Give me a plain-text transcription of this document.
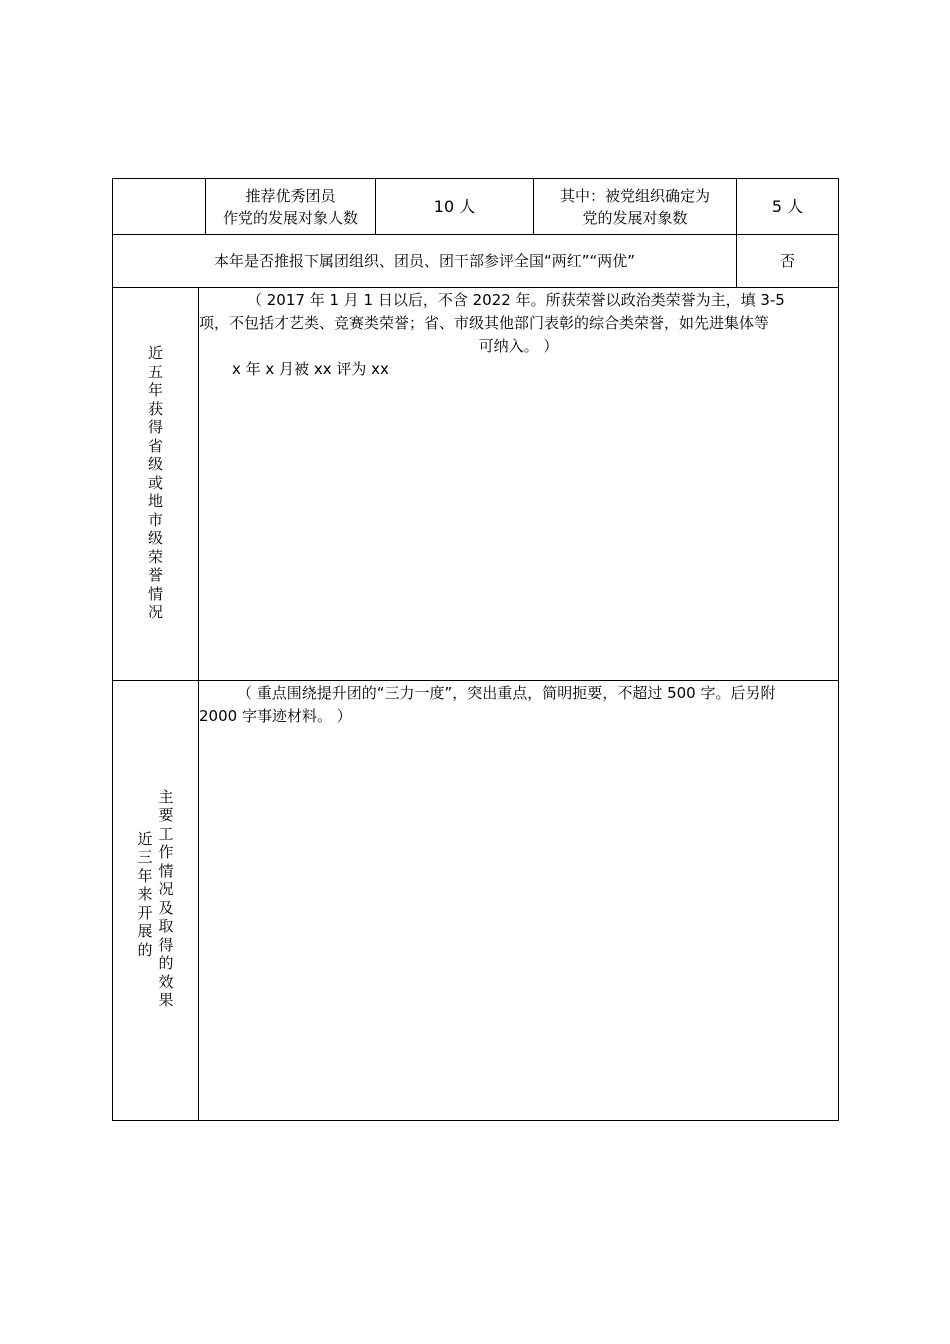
推荐优秀团员
作党的发展对象人数
10 人
其中：被党组织确定为
党的发展对象数
5 人
本年是否推报下属团组织、团员、团干部参评全国“两红”“两优”	否
近
五
年
获
得
省
级
或
地
市
级
荣
誉
情
况
（ 2017 年 1 月 1 日以后，不含 2022 年。所获荣誉以政治类荣誉为主，填 3-5
项，不包括才艺类、竞赛类荣誉；省、市级其他部门表彰的综合类荣誉，如先进集体等
可纳入。 ）
x 年 x 月被 xx 评为 xx
近
三
年
来
开
展
的
主
要
工
作
情
况
及
取
得
的
效
果
（ 重点围绕提升团的“三力一度”，突出重点，简明扼要，不超过 500 字。后另附
2000 字事迹材料。 ）
